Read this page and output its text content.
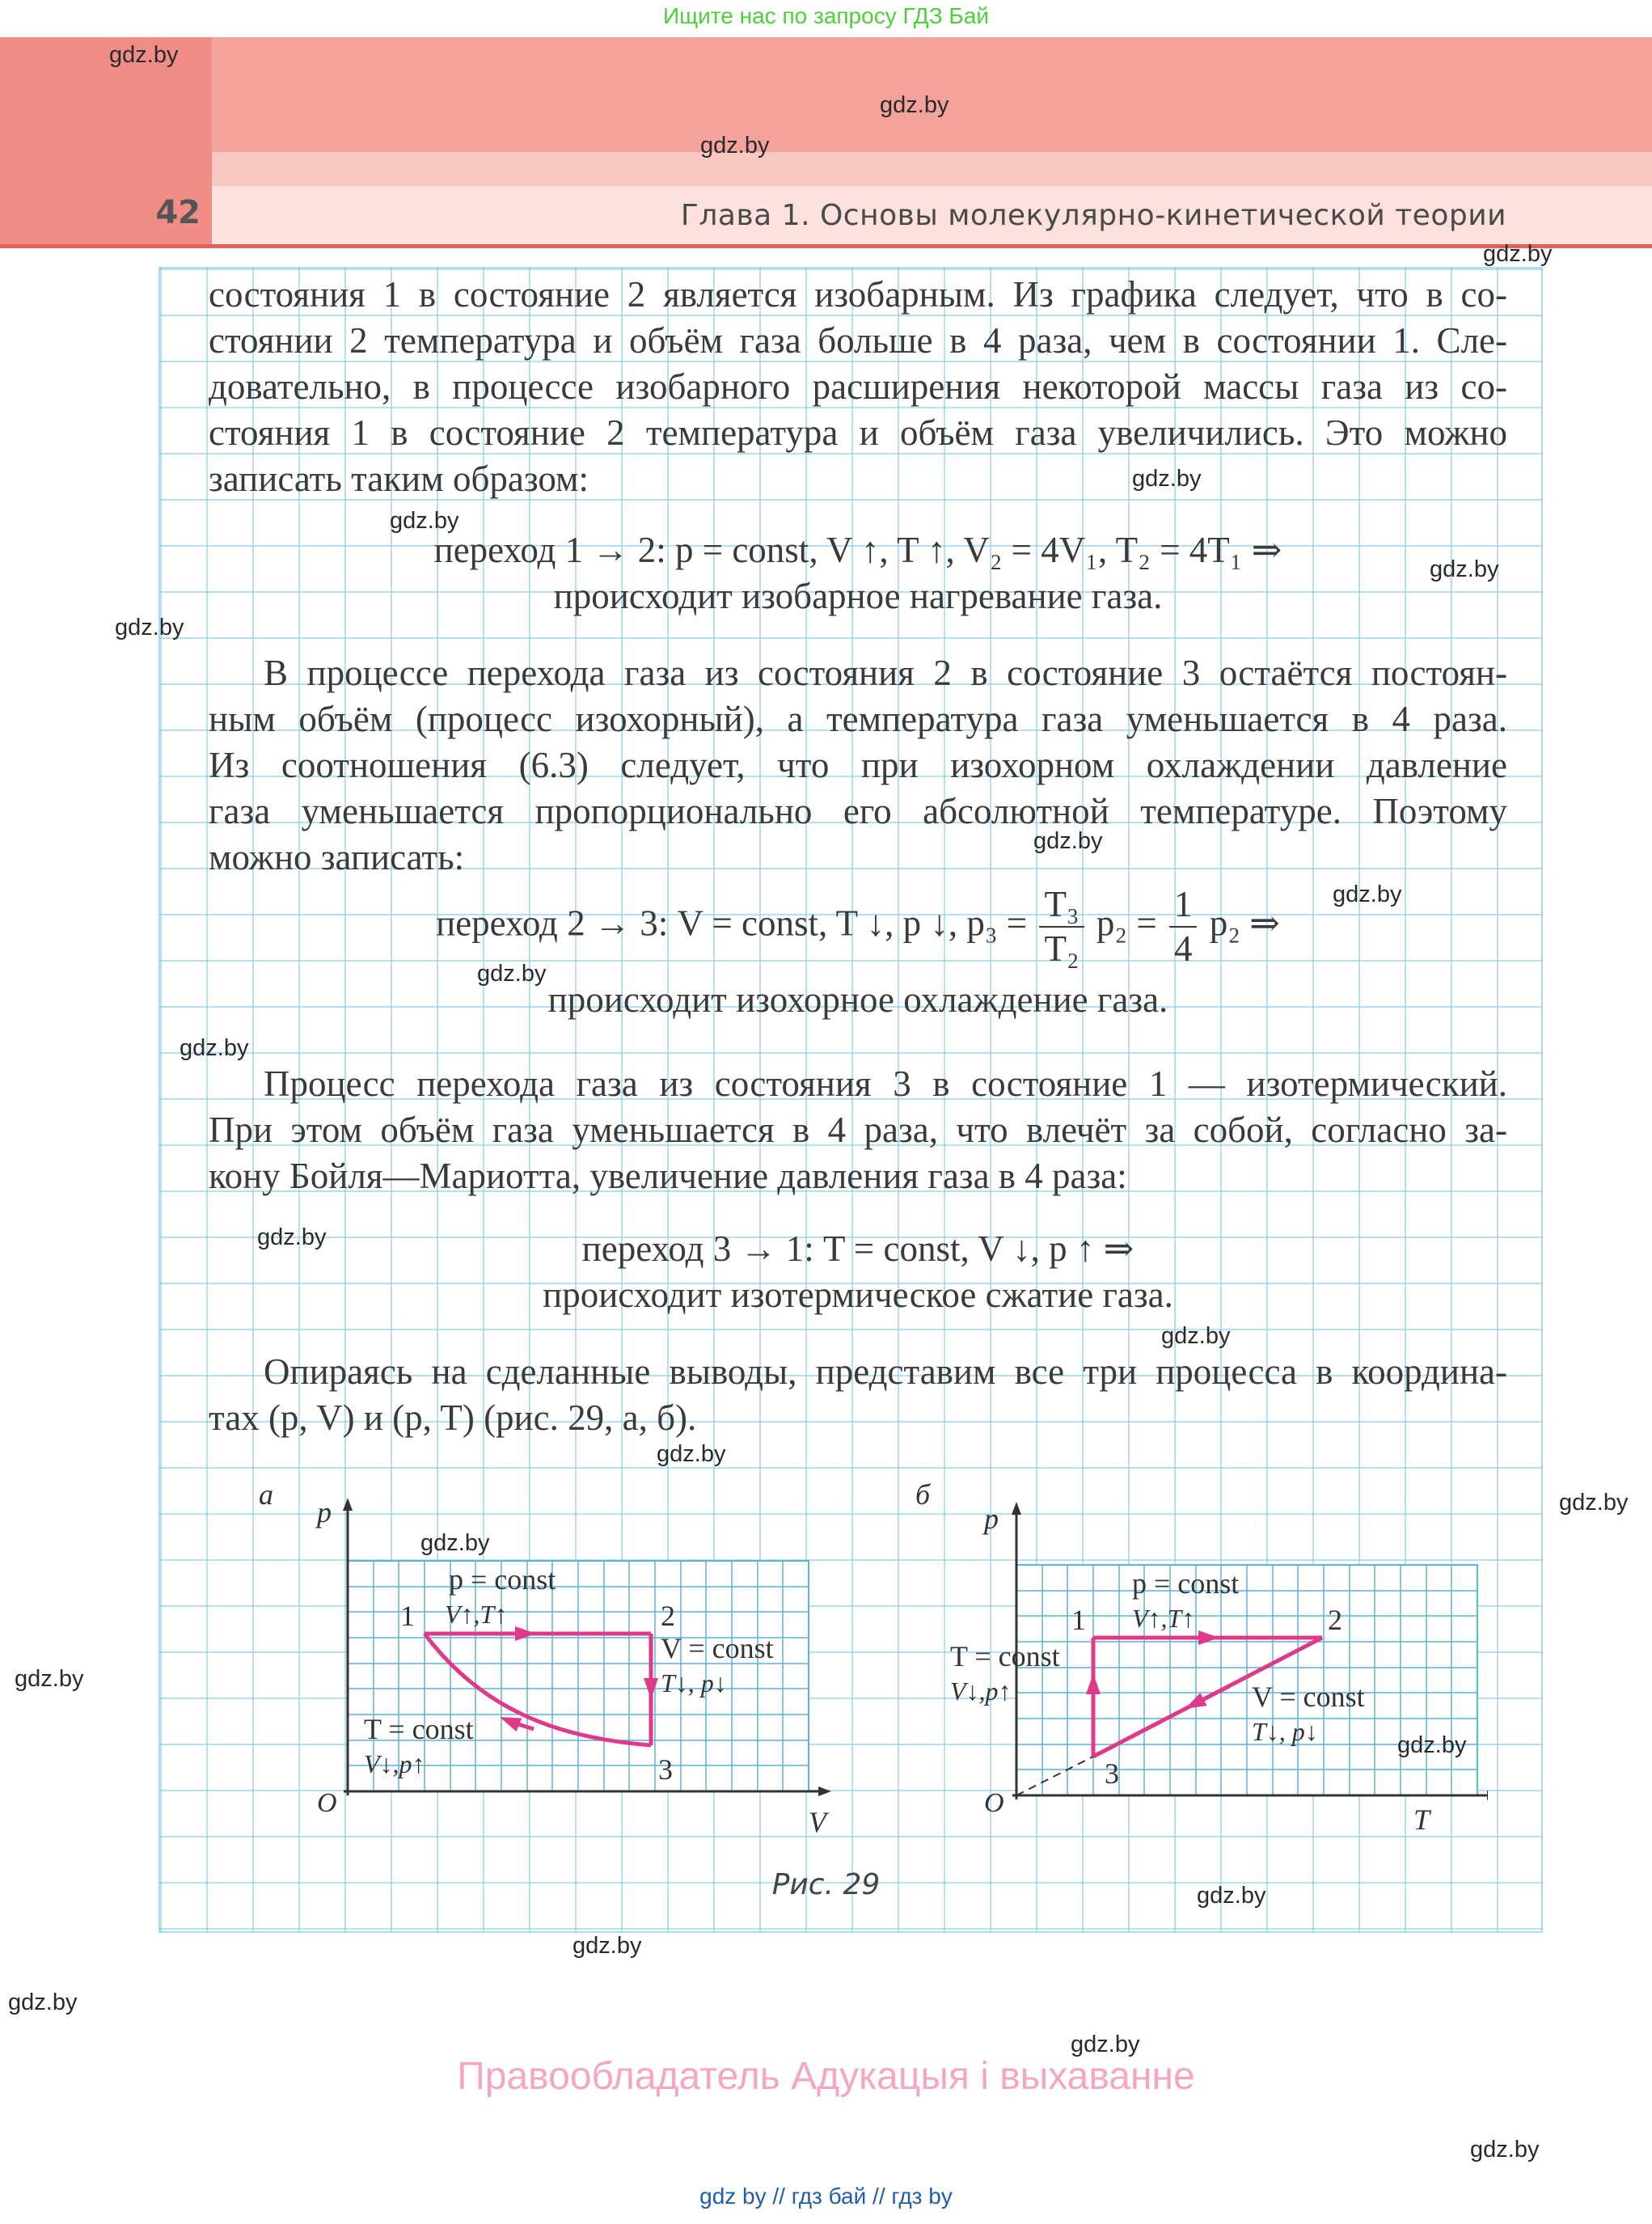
Ищите нас по запросу ГДЗ Бай
42	Глава 1. Основы молекулярно-кинетической теории

состояния 1 в состояние 2 является изобарным. Из графика следует, что в со-

стоянии 2 температура и объём газа больше в 4 раза, чем в состоянии 1. Сле-

довательно, в процессе изобарного расширения некоторой массы газа из со-

стояния 1 в состояние 2 температура и объём газа увеличились. Это можно

записать таким образом:

переход 1 → 2: p = const, V ↑, T ↑, V₂ = 4V₁, T₂ = 4T₁ ⇒

происходит изобарное нагревание газа.

В процессе перехода газа из состояния 2 в состояние 3 остаётся постоян-

ным объём (процесс изохорный), а температура газа уменьшается в 4 раза.

Из соотношения (6.3) следует, что при изохорном охлаждении давление

газа уменьшается пропорционально его абсолютной температуре. Поэтому

можно записать:

переход 2 → 3: V = const, T ↓, p ↓, $p_3 = \frac{\text{T₃}}{\text{T₂}} p_2 = \frac{1}{4} p_2$ ⇒

происходит изохорное охлаждение газа.

Процесс перехода газа из состояния 3 в состояние 1 — изотермический.

При этом объём газа уменьшается в 4 раза, что влечёт за собой, согласно за-

кону Бойля—Мариотта, увеличение давления газа в 4 раза:

переход 3 → 1: T = const, V ↓, p ↑ ⇒

происходит изотермическое сжатие газа.

Опираясь на сделанные выводы, представим все три процесса в координа-

тах (p, V) и (p, T) (рис. 29, а, б).

а
p
V
O
1	2
3
p = const
V↑,T↑
V = const
T↓, p↓
T = const
V↓,p↑
б
p
T
O
1	2
3
p = const
V↑,T↑
V = const
T↓, p↓
T = const
V↓,p↑
Рис. 29
gdz.by
gdz.by
gdz.by
gdz.by
gdz.by
gdz.by
gdz.by
gdz.by
gdz.by
gdz.by
gdz.by
gdz.by
gdz.by
gdz.by
gdz.by
gdz.by
gdz.by
gdz.by
gdz.by
gdz.by
gdz.by
gdz.by
gdz.by
gdz.by
Правообладатель Адукацыя і выхаванне
gdz by // гдз бай // гдз by
